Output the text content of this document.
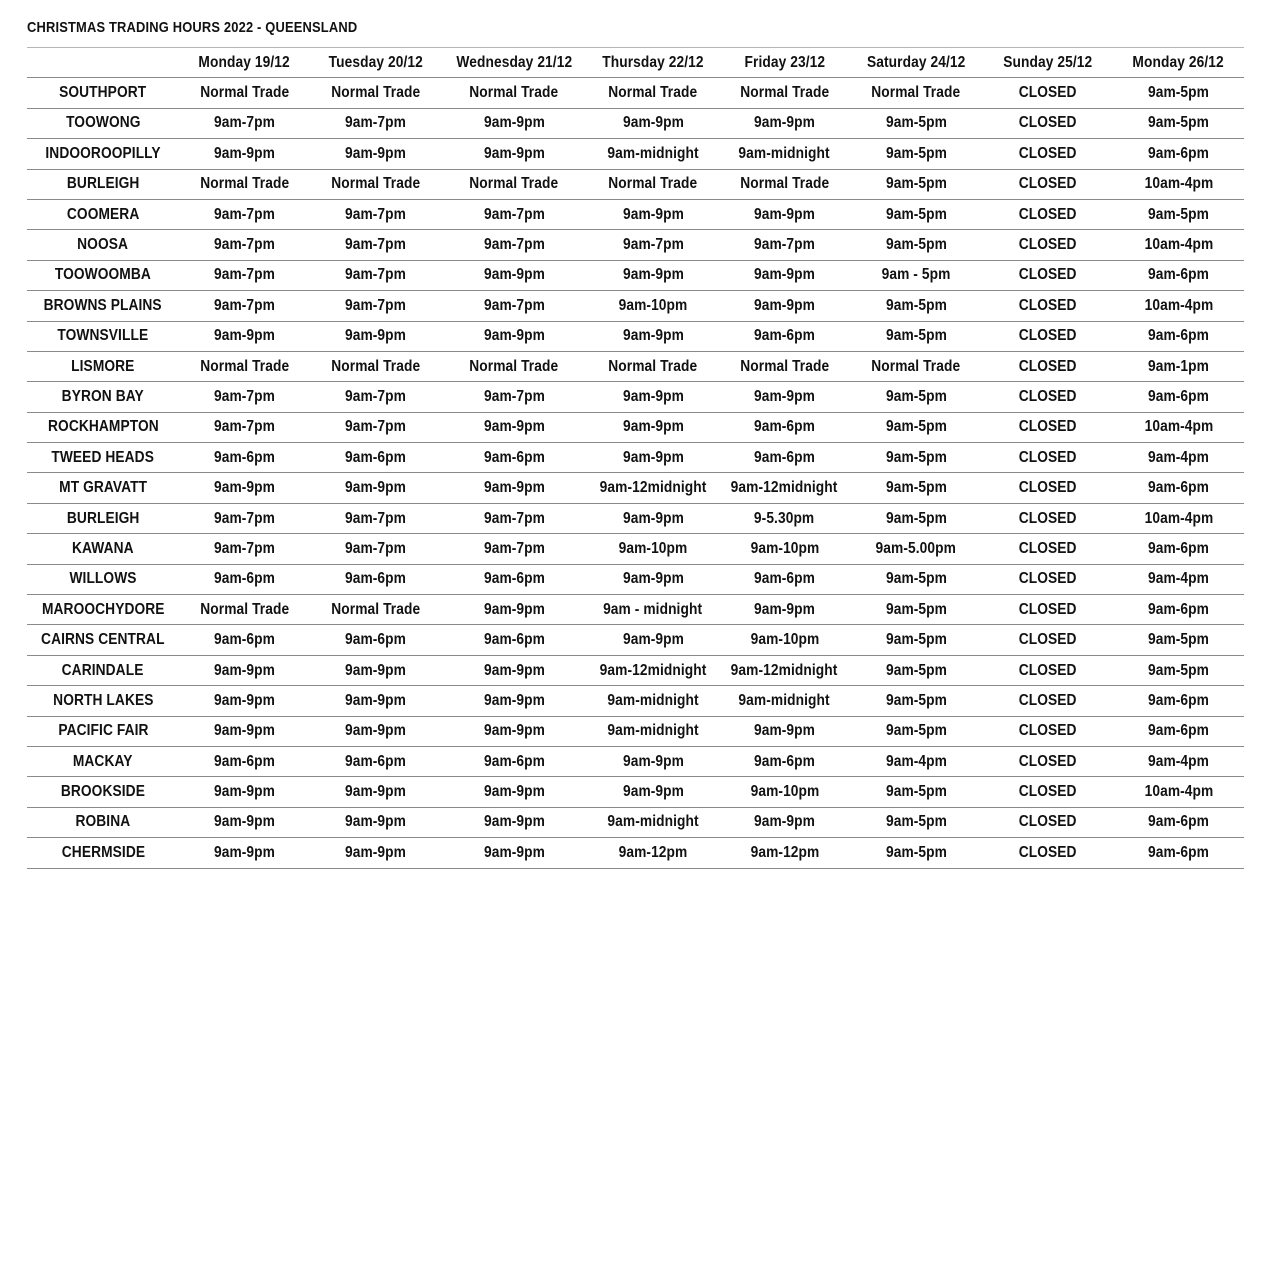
CHRISTMAS TRADING HOURS 2022 - QUEENSLAND
	Monday 19/12	Tuesday 20/12	Wednesday 21/12	Thursday 22/12	Friday 23/12	Saturday 24/12	Sunday 25/12	Monday 26/12
SOUTHPORT	Normal Trade	Normal Trade	Normal Trade	Normal Trade	Normal Trade	Normal Trade	CLOSED	9am-5pm
TOOWONG	9am-7pm	9am-7pm	9am-9pm	9am-9pm	9am-9pm	9am-5pm	CLOSED	9am-5pm
INDOOROOPILLY	9am-9pm	9am-9pm	9am-9pm	9am-midnight	9am-midnight	9am-5pm	CLOSED	9am-6pm
BURLEIGH	Normal Trade	Normal Trade	Normal Trade	Normal Trade	Normal Trade	9am-5pm	CLOSED	10am-4pm
COOMERA	9am-7pm	9am-7pm	9am-7pm	9am-9pm	9am-9pm	9am-5pm	CLOSED	9am-5pm
NOOSA	9am-7pm	9am-7pm	9am-7pm	9am-7pm	9am-7pm	9am-5pm	CLOSED	10am-4pm
TOOWOOMBA	9am-7pm	9am-7pm	9am-9pm	9am-9pm	9am-9pm	9am - 5pm	CLOSED	9am-6pm
BROWNS PLAINS	9am-7pm	9am-7pm	9am-7pm	9am-10pm	9am-9pm	9am-5pm	CLOSED	10am-4pm
TOWNSVILLE	9am-9pm	9am-9pm	9am-9pm	9am-9pm	9am-6pm	9am-5pm	CLOSED	9am-6pm
LISMORE	Normal Trade	Normal Trade	Normal Trade	Normal Trade	Normal Trade	Normal Trade	CLOSED	9am-1pm
BYRON BAY	9am-7pm	9am-7pm	9am-7pm	9am-9pm	9am-9pm	9am-5pm	CLOSED	9am-6pm
ROCKHAMPTON	9am-7pm	9am-7pm	9am-9pm	9am-9pm	9am-6pm	9am-5pm	CLOSED	10am-4pm
TWEED HEADS	9am-6pm	9am-6pm	9am-6pm	9am-9pm	9am-6pm	9am-5pm	CLOSED	9am-4pm
MT GRAVATT	9am-9pm	9am-9pm	9am-9pm	9am-12midnight	9am-12midnight	9am-5pm	CLOSED	9am-6pm
BURLEIGH	9am-7pm	9am-7pm	9am-7pm	9am-9pm	9-5.30pm	9am-5pm	CLOSED	10am-4pm
KAWANA	9am-7pm	9am-7pm	9am-7pm	9am-10pm	9am-10pm	9am-5.00pm	CLOSED	9am-6pm
WILLOWS	9am-6pm	9am-6pm	9am-6pm	9am-9pm	9am-6pm	9am-5pm	CLOSED	9am-4pm
MAROOCHYDORE	Normal Trade	Normal Trade	9am-9pm	9am - midnight	9am-9pm	9am-5pm	CLOSED	9am-6pm
CAIRNS CENTRAL	9am-6pm	9am-6pm	9am-6pm	9am-9pm	9am-10pm	9am-5pm	CLOSED	9am-5pm
CARINDALE	9am-9pm	9am-9pm	9am-9pm	9am-12midnight	9am-12midnight	9am-5pm	CLOSED	9am-5pm
NORTH LAKES	9am-9pm	9am-9pm	9am-9pm	9am-midnight	9am-midnight	9am-5pm	CLOSED	9am-6pm
PACIFIC FAIR	9am-9pm	9am-9pm	9am-9pm	9am-midnight	9am-9pm	9am-5pm	CLOSED	9am-6pm
MACKAY	9am-6pm	9am-6pm	9am-6pm	9am-9pm	9am-6pm	9am-4pm	CLOSED	9am-4pm
BROOKSIDE	9am-9pm	9am-9pm	9am-9pm	9am-9pm	9am-10pm	9am-5pm	CLOSED	10am-4pm
ROBINA	9am-9pm	9am-9pm	9am-9pm	9am-midnight	9am-9pm	9am-5pm	CLOSED	9am-6pm
CHERMSIDE	9am-9pm	9am-9pm	9am-9pm	9am-12pm	9am-12pm	9am-5pm	CLOSED	9am-6pm
